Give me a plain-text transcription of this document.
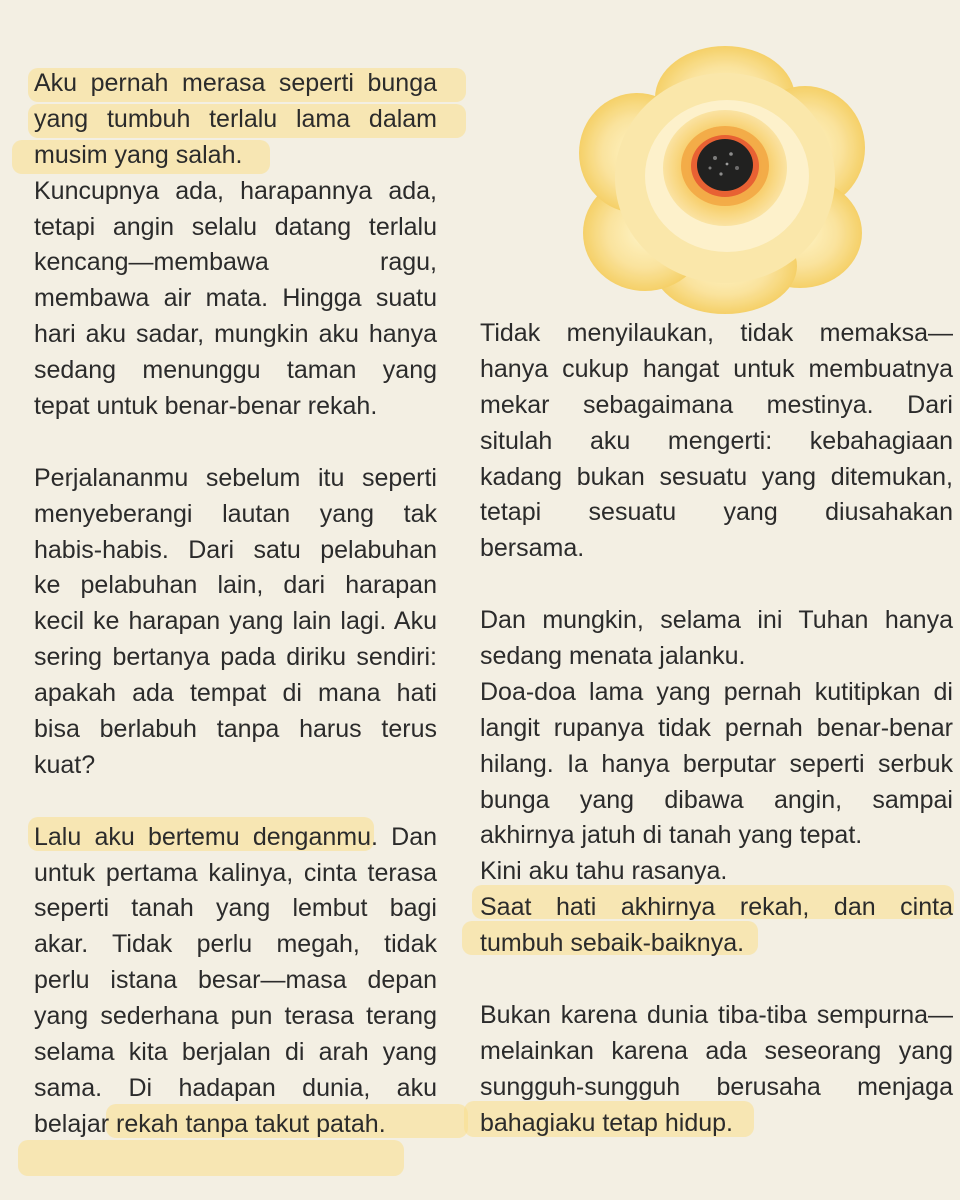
Aku pernah merasa seperti bunga
yang tumbuh terlalu lama dalam
musim yang salah.
Kuncupnya ada, harapannya ada,
tetapi angin selalu datang terlalu
kencang—membawa ragu,
membawa air mata. Hingga suatu
hari aku sadar, mungkin aku hanya
sedang menunggu taman yang
tepat untuk benar-benar rekah.
Perjalananmu sebelum itu seperti
menyeberangi lautan yang tak
habis-habis. Dari satu pelabuhan
ke pelabuhan lain, dari harapan
kecil ke harapan yang lain lagi. Aku
sering bertanya pada diriku sendiri:
apakah ada tempat di mana hati
bisa berlabuh tanpa harus terus
kuat?
Lalu aku bertemu denganmu. Dan
untuk pertama kalinya, cinta terasa
seperti tanah yang lembut bagi
akar. Tidak perlu megah, tidak
perlu istana besar—masa depan
yang sederhana pun terasa terang
selama kita berjalan di arah yang
sama. Di hadapan dunia, aku
belajar rekah tanpa takut patah.
Tidak menyilaukan, tidak memaksa—
hanya cukup hangat untuk membuatnya
mekar sebagaimana mestinya. Dari
situlah aku mengerti: kebahagiaan
kadang bukan sesuatu yang ditemukan,
tetapi sesuatu yang diusahakan
bersama.
Dan mungkin, selama ini Tuhan hanya
sedang menata jalanku.
Doa-doa lama yang pernah kutitipkan di
langit rupanya tidak pernah benar-benar
hilang. Ia hanya berputar seperti serbuk
bunga yang dibawa angin, sampai
akhirnya jatuh di tanah yang tepat.
Kini aku tahu rasanya.
Saat hati akhirnya rekah, dan cinta
tumbuh sebaik-baiknya.
Bukan karena dunia tiba-tiba sempurna—
melainkan karena ada seseorang yang
sungguh-sungguh berusaha menjaga
bahagiaku tetap hidup.
